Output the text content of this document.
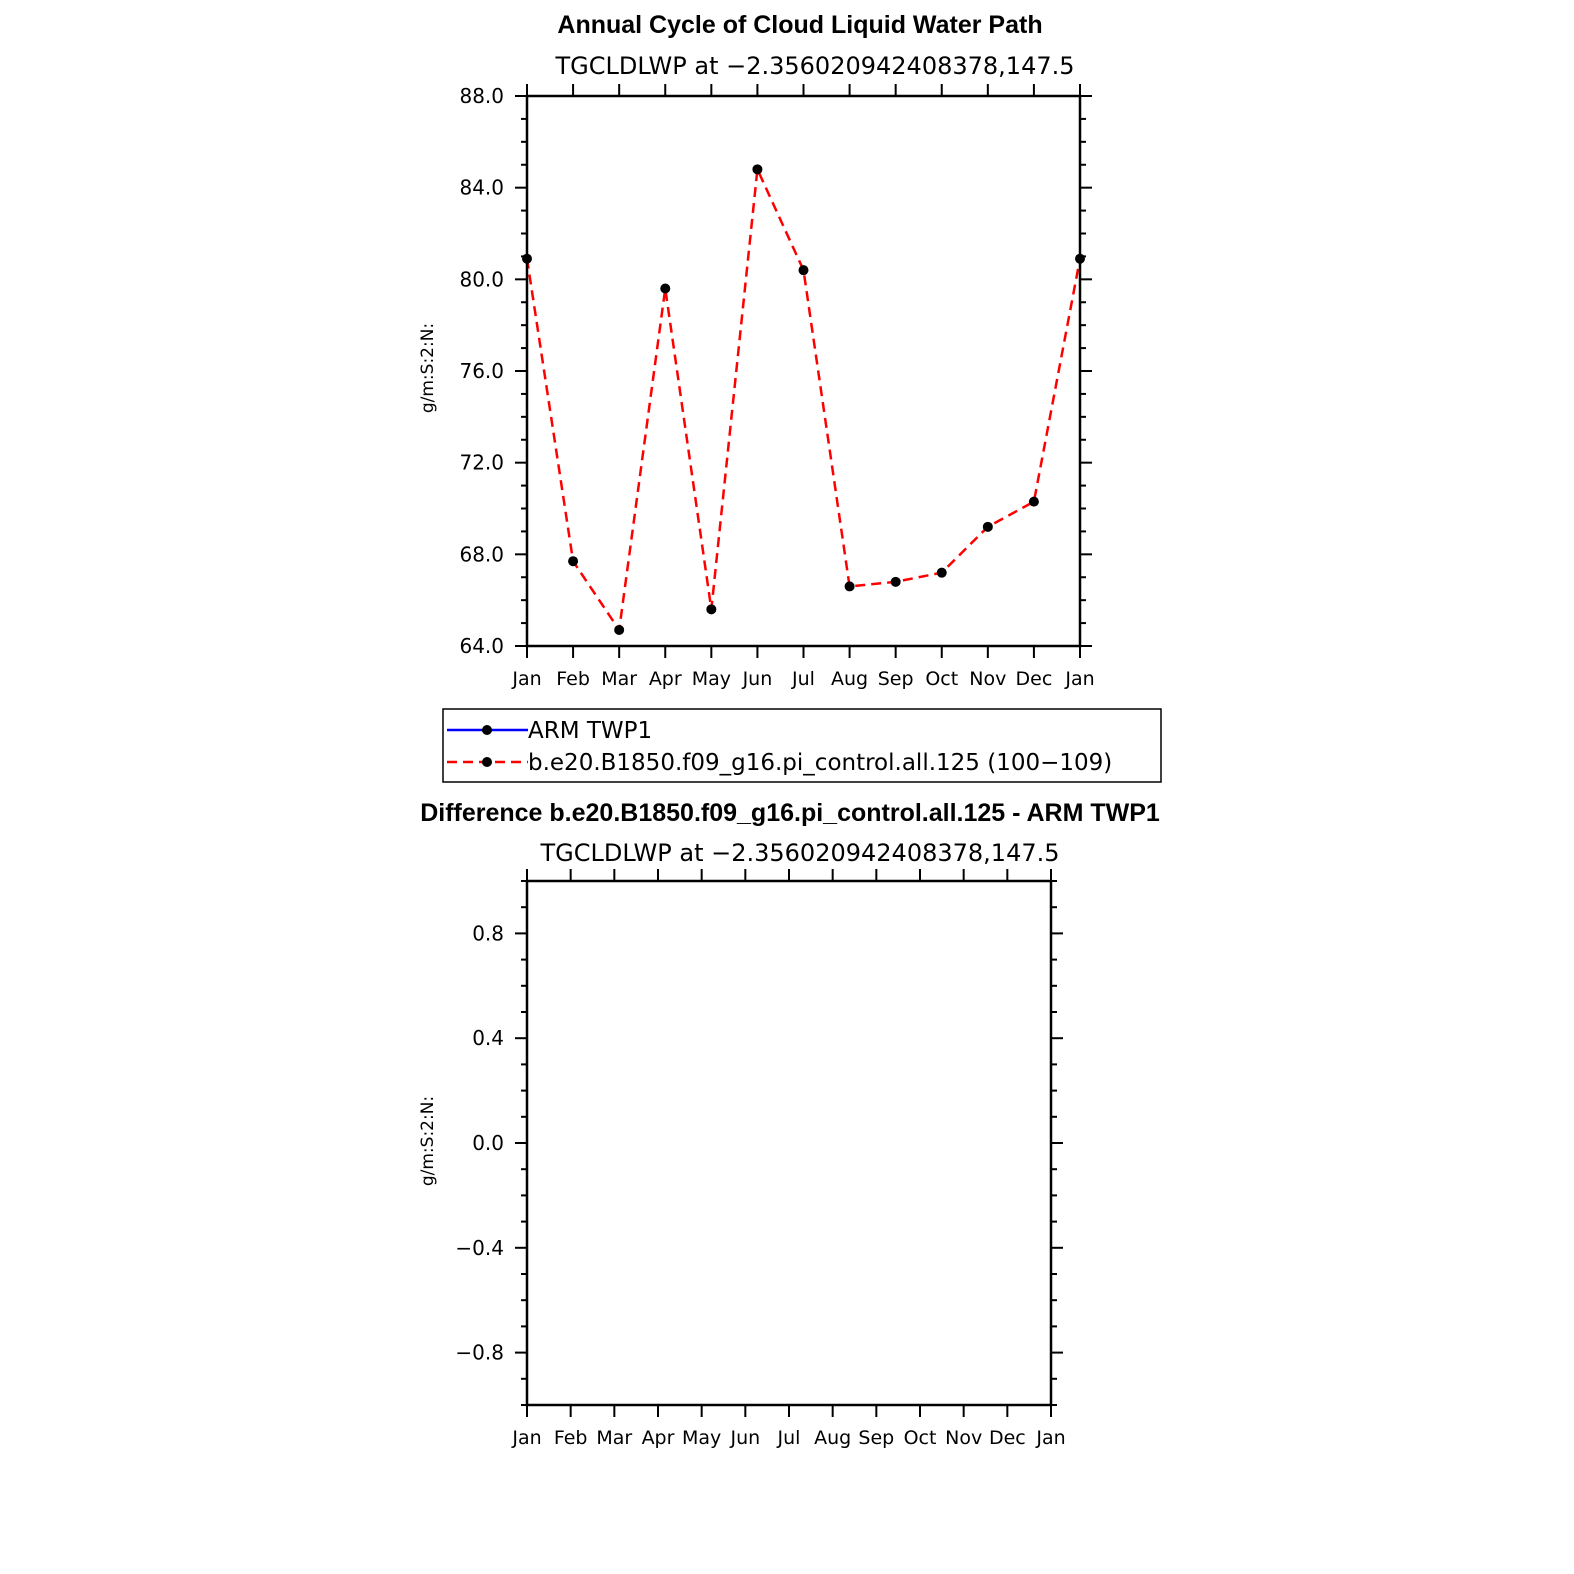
Annual Cycle of Cloud Liquid Water Path
TGCLDLWP at −2.356020942408378,147.5
g/m:S:2:N:
64.0
68.0
72.0
76.0
80.0
84.0
88.0
Jan Feb Mar Apr May Jun Jul Aug Sep Oct Nov Dec Jan
ARM TWP1
b.e20.B1850.f09_g16.pi_control.all.125 (100−109)
Difference b.e20.B1850.f09_g16.pi_control.all.125 - ARM TWP1
TGCLDLWP at −2.356020942408378,147.5
g/m:S:2:N:
−0.8
−0.4
0.0
0.4
0.8
Jan Feb Mar Apr May Jun Jul Aug Sep Oct Nov Dec Jan
